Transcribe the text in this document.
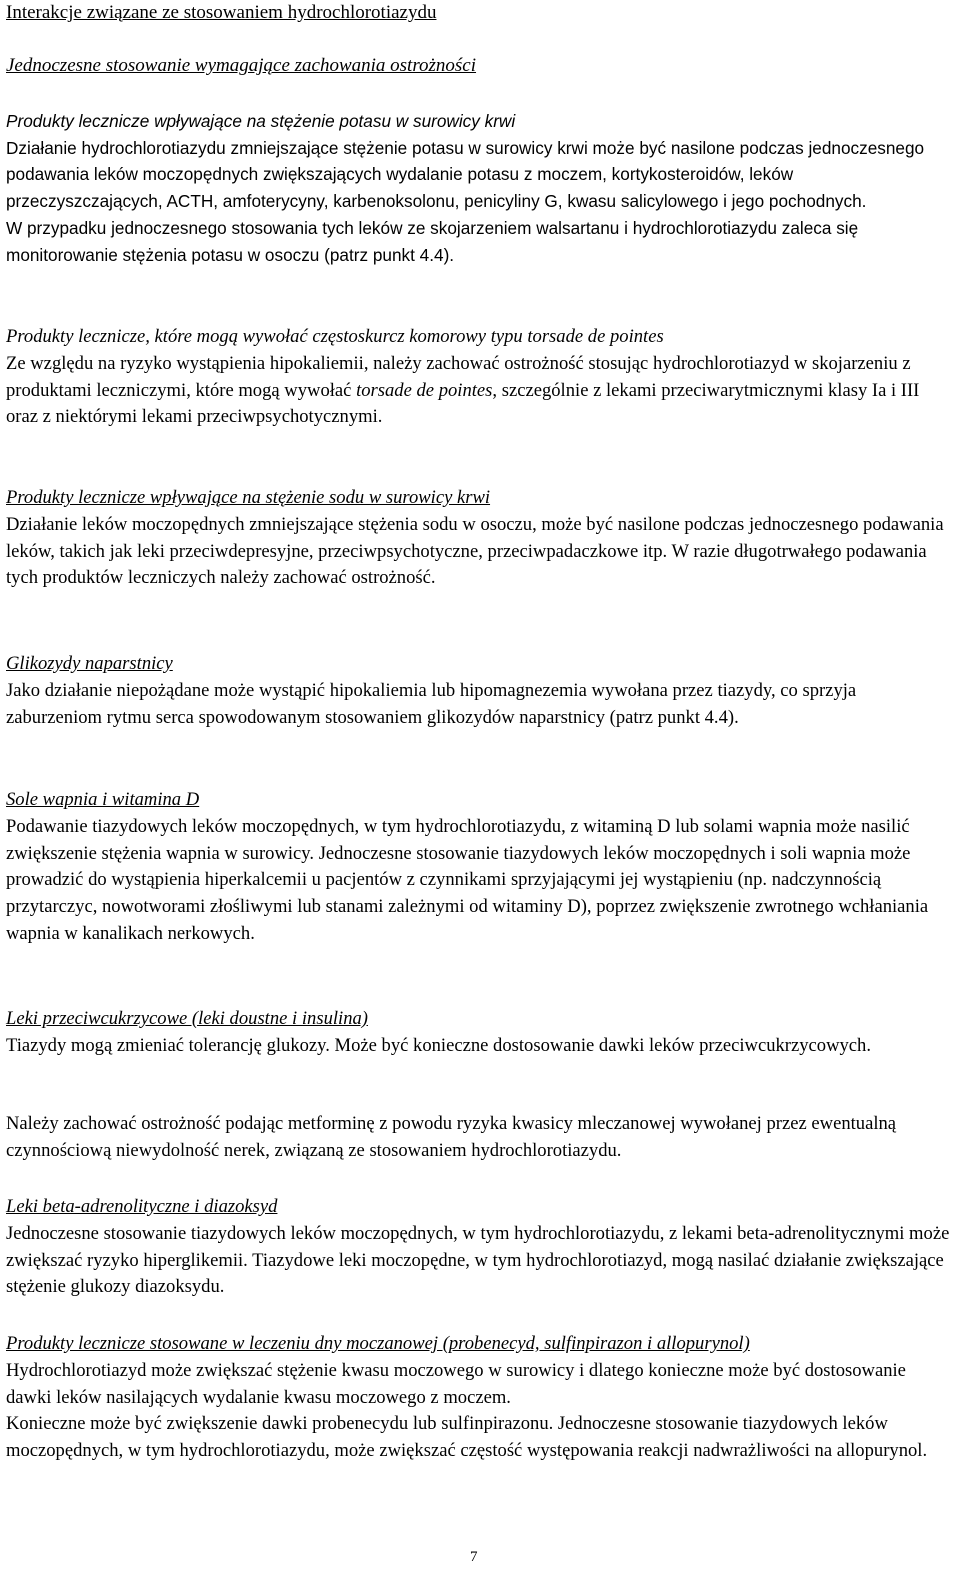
Interakcje związane ze stosowaniem hydrochlorotiazydu
Jednoczesne stosowanie wymagające zachowania ostrożności
Produkty lecznicze wpływające na stężenie potasu w surowicy krwi
Działanie hydrochlorotiazydu zmniejszające stężenie potasu w surowicy krwi może być nasilone podczas jednoczesnego podawania leków moczopędnych zwiększających wydalanie potasu z moczem, kortykosteroidów, leków przeczyszczających, ACTH, amfoterycyny, karbenoksolonu, penicyliny G, kwasu salicylowego i jego pochodnych.
W przypadku jednoczesnego stosowania tych leków ze skojarzeniem walsartanu i hydrochlorotiazydu zaleca się monitorowanie stężenia potasu w osoczu (patrz punkt 4.4).
Produkty lecznicze, które mogą wywołać częstoskurcz komorowy typu torsade de pointes
Ze względu na ryzyko wystąpienia hipokaliemii, należy zachować ostrożność stosując hydrochlorotiazyd w skojarzeniu z produktami leczniczymi, które mogą wywołać torsade de pointes, szczególnie z lekami przeciwarytmicznymi klasy Ia i III oraz z niektórymi lekami przeciwpsychotycznymi.
Produkty lecznicze wpływające na stężenie sodu w surowicy krwi
Działanie leków moczopędnych zmniejszające stężenia sodu w osoczu, może być nasilone podczas jednoczesnego podawania leków, takich jak leki przeciwdepresyjne, przeciwpsychotyczne, przeciwpadaczkowe itp. W razie długotrwałego podawania tych produktów leczniczych należy zachować ostrożność.
Glikozydy naparstnicy
Jako działanie niepożądane może wystąpić hipokaliemia lub hipomagnezemia wywołana przez tiazydy, co sprzyja zaburzeniom rytmu serca spowodowanym stosowaniem glikozydów naparstnicy (patrz punkt 4.4).
Sole wapnia i witamina D
Podawanie tiazydowych leków moczopędnych, w tym hydrochlorotiazydu, z witaminą D lub solami wapnia może nasilić zwiększenie stężenia wapnia w surowicy. Jednoczesne stosowanie tiazydowych leków moczopędnych i soli wapnia może prowadzić do wystąpienia hiperkalcemii u pacjentów z czynnikami sprzyjającymi jej wystąpieniu (np. nadczynnością przytarczyc, nowotworami złośliwymi lub stanami zależnymi od witaminy D), poprzez zwiększenie zwrotnego wchłaniania wapnia w kanalikach nerkowych.
Leki przeciwcukrzycowe (leki doustne i insulina)
Tiazydy mogą zmieniać tolerancję glukozy. Może być konieczne dostosowanie dawki leków przeciwcukrzycowych.
Należy zachować ostrożność podając metforminę z powodu ryzyka kwasicy mleczanowej wywołanej przez ewentualną czynnościową niewydolność nerek, związaną ze stosowaniem hydrochlorotiazydu.
Leki beta-adrenolityczne i diazoksyd
Jednoczesne stosowanie tiazydowych leków moczopędnych, w tym hydrochlorotiazydu, z lekami beta-adrenolitycznymi może zwiększać ryzyko hiperglikemii. Tiazydowe leki moczopędne, w tym hydrochlorotiazyd, mogą nasilać działanie zwiększające stężenie glukozy diazoksydu.
Produkty lecznicze stosowane w leczeniu dny moczanowej (probenecyd, sulfinpirazon i allopurynol)
Hydrochlorotiazyd może zwiększać stężenie kwasu moczowego w surowicy i dlatego konieczne może być dostosowanie dawki leków nasilających wydalanie kwasu moczowego z moczem.
Konieczne może być zwiększenie dawki probenecydu lub sulfinpirazonu. Jednoczesne stosowanie tiazydowych leków moczopędnych, w tym hydrochlorotiazydu, może zwiększać częstość występowania reakcji nadwrażliwości na allopurynol.
7
